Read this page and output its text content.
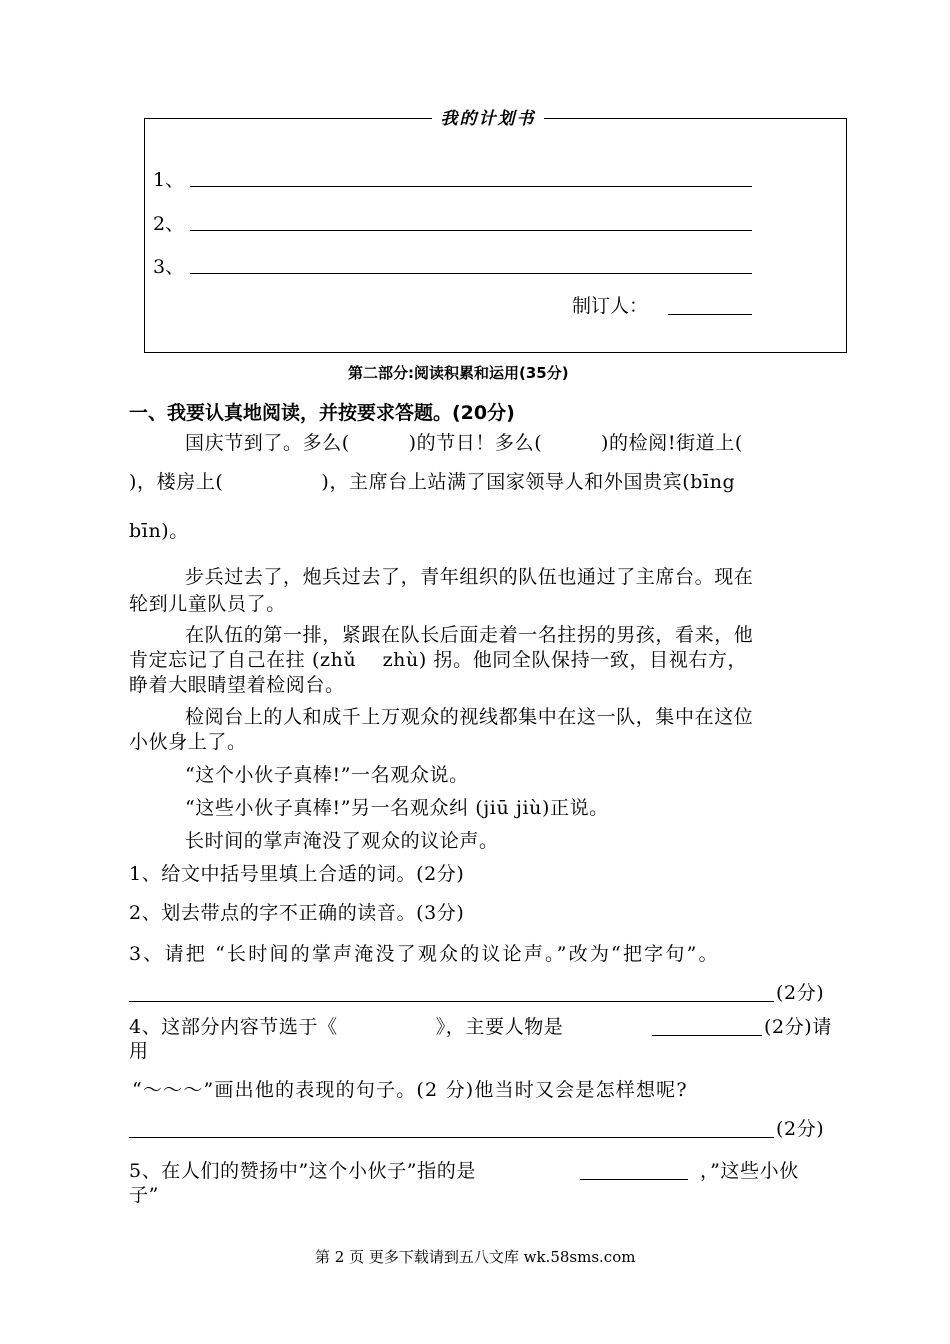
我的计划书
1、
2、
3、
制订人：
第二部分:阅读积累和运用(35分)
一、我要认真地阅读，并按要求答题。(20分)
国庆节到了。多么(　　　)的节日！多么(　　　)的检阅!街道上(
)，楼房上(　　　　　)，主席台上站满了国家领导人和外国贵宾(bīng
bīn)。
步兵过去了，炮兵过去了，青年组织的队伍也通过了主席台。现在
轮到儿童队员了。
在队伍的第一排，紧跟在队长后面走着一名拄拐的男孩，看来，他
肯定忘记了自己在拄 (zhǔ　 zhù) 拐。他同全队保持一致，目视右方，
睁着大眼睛望着检阅台。
检阅台上的人和成千上万观众的视线都集中在这一队，集中在这位
小伙身上了。
“这个小伙子真棒!”一名观众说。
“这些小伙子真棒!”另一名观众纠 (jiū jiù)正说。
长时间的掌声淹没了观众的议论声。
1、给文中括号里填上合适的词。(2分)
2、划去带点的字不正确的读音。(3分)
3、请把 “长时间的掌声淹没了观众的议论声。”改为“把字句”。
(2分)
4、这部分内容节选于《　　　　　》，主要人物是	(2分)请
用
“～～～”画出他的表现的句子。(2 分)他当时又会是怎样想呢?
(2分)
5、在人们的赞扬中”这个小伙子”指的是	，”这些小伙
子”
第 2 页 更多下载请到五八文库 wk.58sms.com
